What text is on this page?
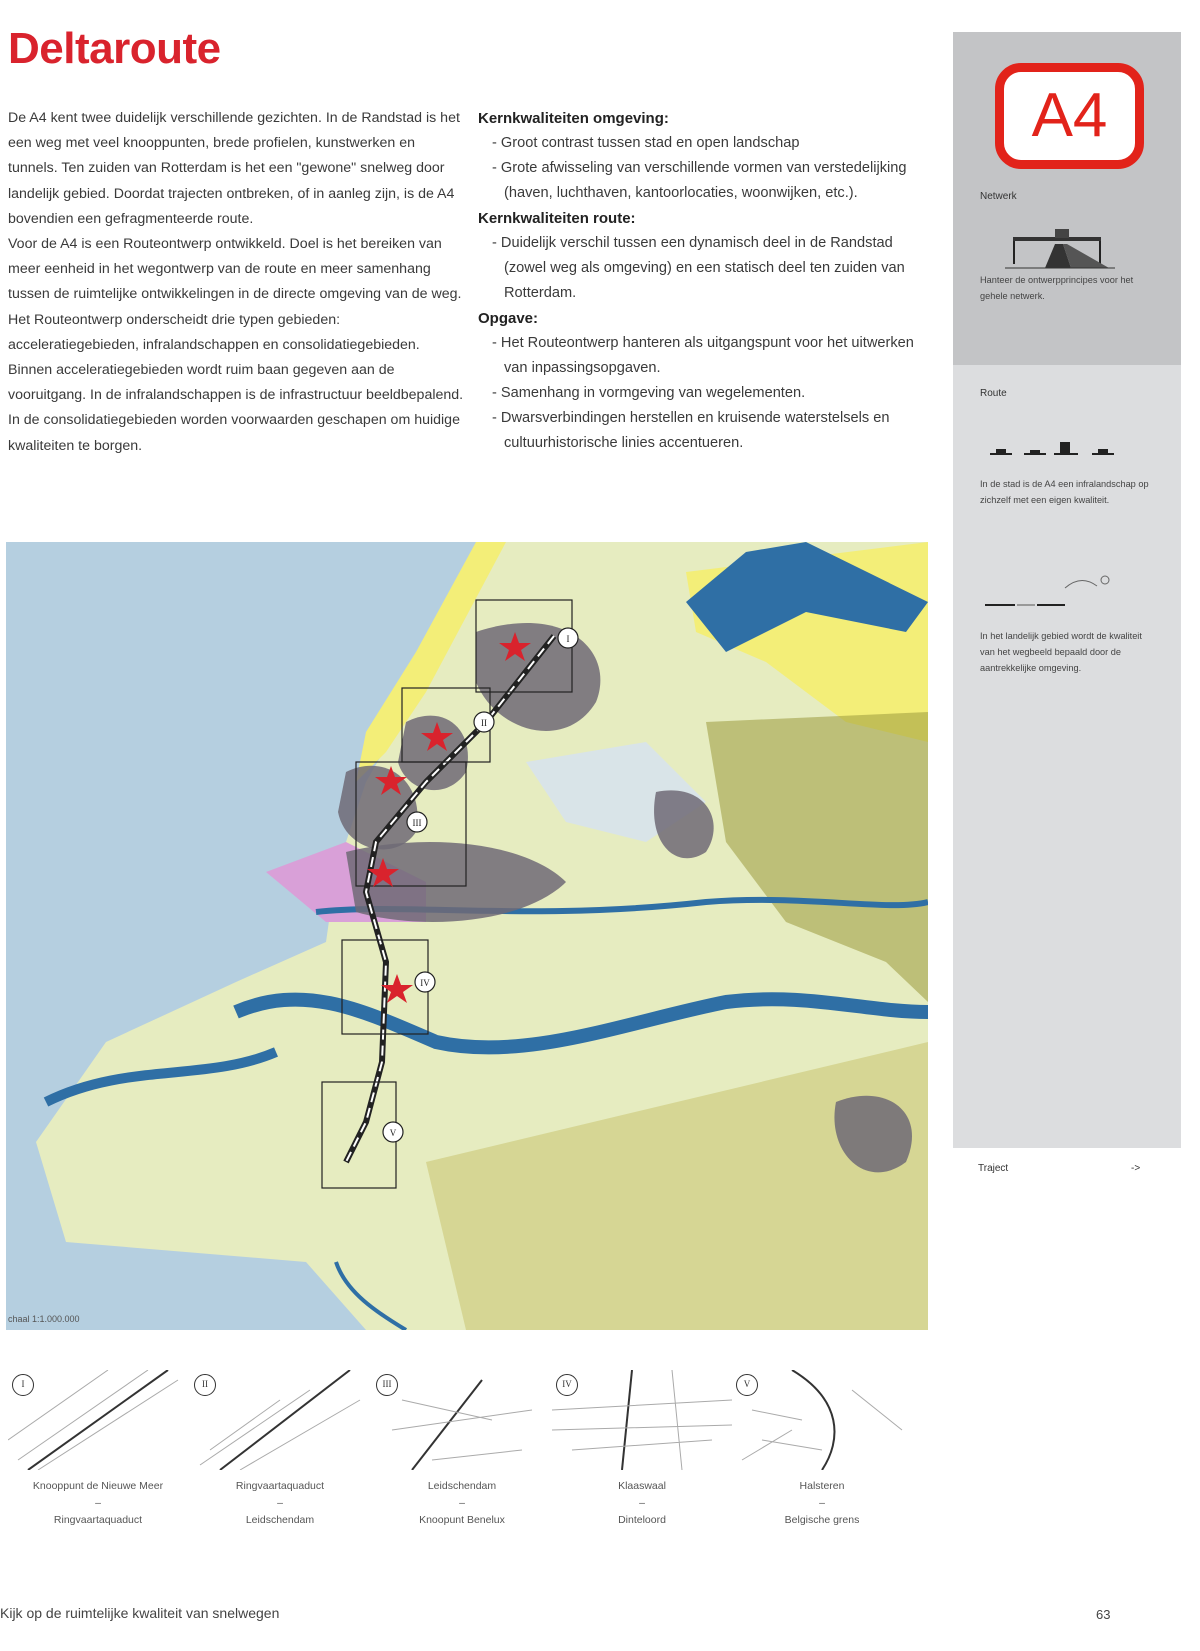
Deltaroute

De A4 kent twee duidelijk verschillende gezichten. In de Randstad is het een weg met veel knooppunten, brede profielen, kunstwerken en tunnels. Ten zuiden van Rotterdam is het een "gewone" snelweg door landelijk gebied. Doordat trajecten ontbreken, of in aanleg zijn, is de A4 bovendien een gefragmenteerde route.

Voor de A4 is een Routeontwerp ontwikkeld. Doel is het bereiken van meer eenheid in het wegontwerp van de route en meer samenhang tussen de ruimtelijke ontwikkelingen in de directe omgeving van de weg. Het Routeontwerp onderscheidt drie typen gebieden: acceleratiegebieden, infralandschappen en consolidatiegebieden. Binnen acceleratiegebieden wordt ruim baan gegeven aan de vooruitgang. In de infralandschappen is de infrastructuur beeldbepalend. In de consolidatiegebieden worden voorwaarden geschapen om huidige kwaliteiten te borgen.

Kernkwaliteiten omgeving:
- Groot contrast tussen stad en open landschap
- Grote afwisseling van verschillende vormen van verstedelijking (haven, luchthaven, kantoorlocaties, woonwijken, etc.).
Kernkwaliteiten route:
- Duidelijk verschil tussen een dynamisch deel in de Randstad (zowel weg als omgeving) en een statisch deel ten zuiden van Rotterdam.
Opgave:
- Het Routeontwerp hanteren als uitgangspunt voor het uitwerken van inpassingsopgaven.
- Samenhang in vormgeving van wegelementen.
- Dwarsverbindingen herstellen en kruisende waterstelsels en cultuurhistorische linies accentueren.
A4
Netwerk
Hanteer de ontwerpprincipes voor het gehele netwerk.
Route
In de stad is de A4 een infralandschap op zichzelf met een eigen kwaliteit.
In het landelijk gebied wordt de kwaliteit van het wegbeeld bepaald door de aantrekkelijke omgeving.
Traject	->
I
II
III
IV
V
chaal 1:1.000.000
I
Knooppunt de Nieuwe Meer
–
Ringvaartaquaduct
II
Ringvaartaquaduct
–
Leidschendam
III
Leidschendam
–
Knoopunt Benelux
IV
Klaaswaal
–
Dinteloord
V
Halsteren
–
Belgische grens
Kijk op de ruimtelijke kwaliteit van snelwegen	63
